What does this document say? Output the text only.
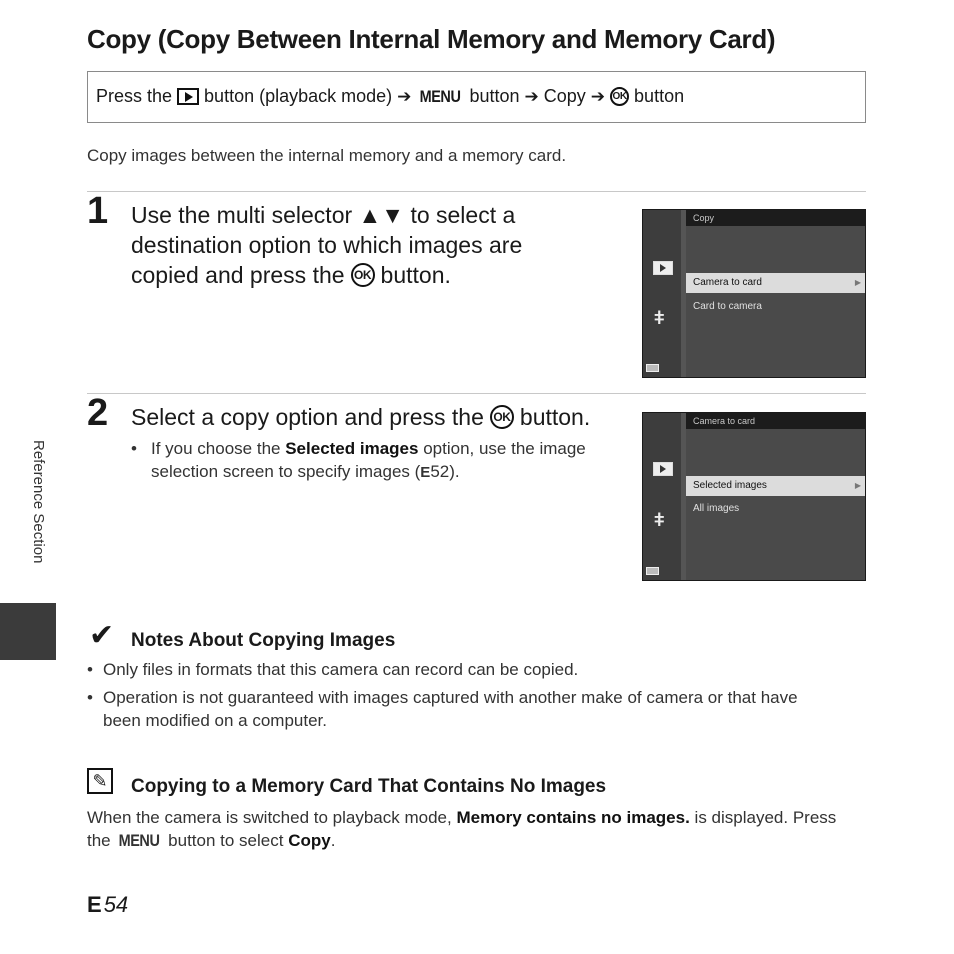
Copy (Copy Between Internal Memory and Memory Card)
Press the button (playback mode) ➔ MENU button ➔ Copy ➔ OK button
Copy images between the internal memory and a memory card.
1 Use the multi selector ▲▼ to select a
destination option to which images are
copied and press the OK button.
Copy
ǂ
Camera to card	▶
Card to camera
2 Select a copy option and press the OK button.
• If you choose the Selected images option, use the image
selection screen to specify images (E52).
Camera to card
ǂ
Selected images	▶
All images
Reference Section
✔ Notes About Copying Images
• Only files in formats that this camera can record can be copied.
• Operation is not guaranteed with images captured with another make of camera or that have
been modified on a computer.
✎ Copying to a Memory Card That Contains No Images
When the camera is switched to playback mode, Memory contains no images. is displayed. Press
the MENU button to select Copy.
E 54
